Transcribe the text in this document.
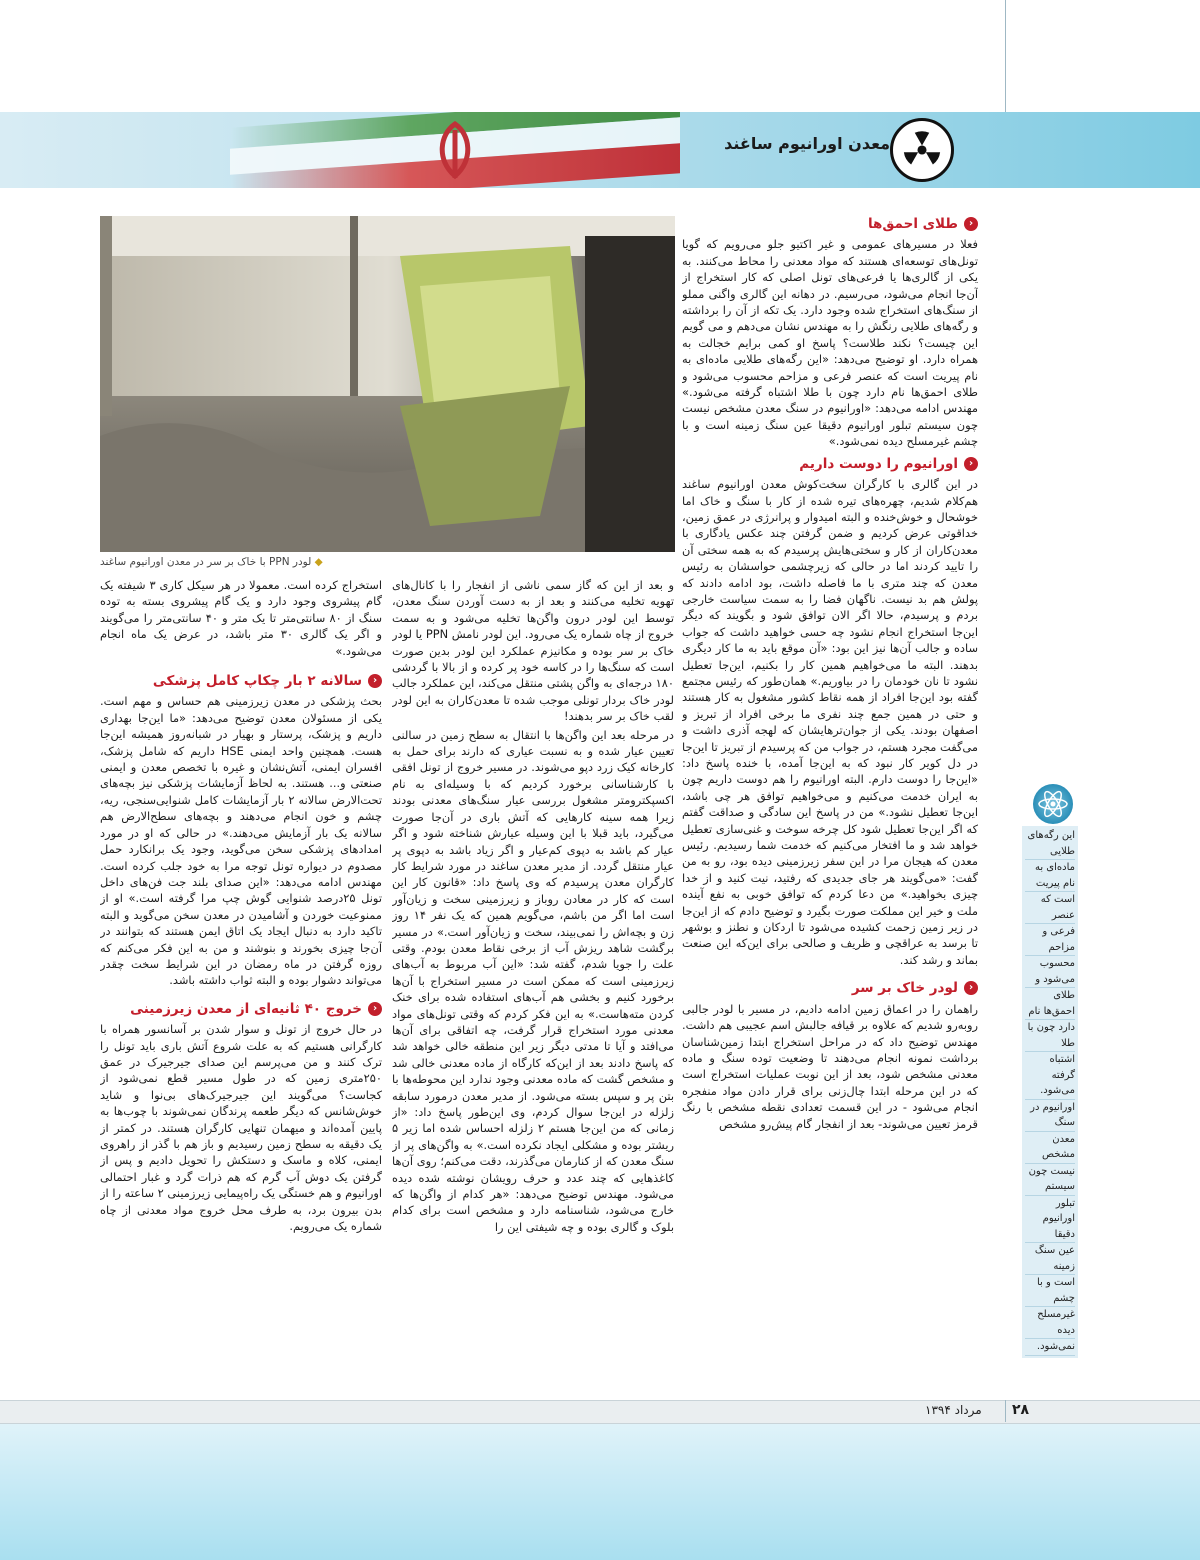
معدن اورانیوم ساغند
‹
طلای احمق‌ها

فعلا در مسیرهای عمومی و غیر اکتیو جلو می‌رویم که گویا تونل‌های توسعه‌ای هستند که مواد معدنی را محاط می‌کنند. به یکی از گالری‌ها یا فرعی‌های تونل اصلی که کار استخراج از آن‌جا انجام می‌شود، می‌رسیم. در دهانه این گالری واگنی مملو از سنگ‌های استخراج شده وجود دارد. یک تکه از آن را برداشته و رگه‌های طلایی رنگش را به مهندس نشان می‌دهم و می گویم این چیست؟ نکند طلاست؟ پاسخ او کمی برایم خجالت به همراه دارد. او توضیح می‌دهد: «این رگه‌های طلایی ماده‌ای به نام پیریت است که عنصر فرعی و مزاحم محسوب می‌شود و طلای احمق‌ها نام دارد چون با طلا اشتباه گرفته می‌شود.» مهندس ادامه می‌دهد: «اورانیوم در سنگ معدن مشخص نیست چون سیستم تبلور اورانیوم دقیقا عین سنگ زمینه است و با چشم غیرمسلح دیده نمی‌شود.»

‹
اورانیوم را دوست داریم

در این گالری با کارگران سخت‌کوش معدن اورانیوم ساغند هم‌کلام شدیم، چهره‌های تیره شده از کار با سنگ و خاک اما خوشحال و خوش‌خنده و البته امیدوار و پرانرژی در عمق زمین، خداقوتی عرض کردیم و ضمن گرفتن چند عکس یادگاری با معدن‌کاران از کار و سختی‌هایش پرسیدم که به همه سختی آن را تایید کردند اما در حالی که زیرچشمی حواسشان به رئیس معدن که چند متری با ما فاصله داشت، بود ادامه دادند که پولش هم بد نیست. ناگهان فضا را به سمت سیاست خارجی بردم و پرسیدم، حالا اگر الان توافق شود و بگویند که دیگر این‌جا استخراج انجام نشود چه حسی خواهید داشت که جواب ساده و جالب آن‌ها نیز این بود: «آن موقع باید به ما کار دیگری بدهند. البته ما می‌خواهیم همین کار را بکنیم، این‌جا تعطیل نشود تا نان خودمان را در بیاوریم.» همان‌طور که رئیس مجتمع گفته بود این‌جا افراد از همه نقاط کشور مشغول به کار هستند و حتی در همین جمع چند نفری ما برخی افراد از تبریز و اصفهان بودند. یکی از جوان‌ترهایشان که لهجه آذری داشت و می‌گفت مجرد هستم، در جواب من که پرسیدم از تبریز تا این‌جا در دل کویر کار نبود که به این‌جا آمده، با خنده پاسخ داد: «این‌جا را دوست دارم. البته اورانیوم را هم دوست داریم چون به ایران خدمت می‌کنیم و می‌خواهیم توافق هر چی باشد، این‌جا تعطیل نشود.» من در پاسخ این سادگی و صداقت گفتم که اگر این‌جا تعطیل شود کل چرخه سوخت و غنی‌سازی تعطیل خواهد شد و ما افتخار می‌کنیم که خدمت شما رسیدیم. رئیس معدن که هیجان مرا در این سفر زیرزمینی دیده بود، رو به من گفت: «می‌گویند هر جای جدیدی که رفتید، نیت کنید و از خدا چیزی بخواهید.» من دعا کردم که توافق خوبی به نفع آینده ملت و خیر این مملکت صورت بگیرد و توضیح دادم که از این‌جا در زیر زمین زحمت کشیده می‌شود تا اردکان و نطنز و بوشهر تا برسد به عراقچی و ظریف و صالحی برای این‌که این صنعت بماند و رشد کند.

‹
لودر خاک بر سر

راهمان را در اعماق زمین ادامه دادیم، در مسیر با لودر جالبی روبه‌رو شدیم که علاوه بر قیافه جالبش اسم عجیبی هم داشت. مهندس توضیح داد که در مراحل استخراج ابتدا زمین‌شناسان برداشت نمونه انجام می‌دهند تا وضعیت توده سنگ و ماده معدنی مشخص شود، بعد از این نوبت عملیات استخراج است که در این مرحله ابتدا چال‌زنی برای قرار دادن مواد منفجره انجام می‌شود - در این قسمت تعدادی نقطه مشخص با رنگ قرمز تعیین می‌شوند- بعد از انفجار گام پیش‌رو مشخص

◆ لودر PPN با خاک بر سر در معدن اورانیوم ساغند

و بعد از این که گاز سمی ناشی از انفجار را با کانال‌های تهویه تخلیه می‌کنند و بعد از به دست آوردن سنگ معدن، توسط این لودر درون واگن‌ها تخلیه می‌شود و به سمت خروج از چاه شماره یک می‌رود. این لودر نامش PPN یا لودر خاک بر سر بوده و مکانیزم عملکرد این لودر بدین صورت است که سنگ‌ها را در کاسه خود پر کرده و از بالا با گردشی ۱۸۰ درجه‌ای به واگن پشتی منتقل می‌کند، این عملکرد جالب لودر خاک بردار تونلی موجب شده تا معدن‌کاران به این لودر لقب خاک بر سر بدهند!

در مرحله بعد این واگن‌ها با انتقال به سطح زمین در سالنی تعیین عیار شده و به نسبت عیاری که دارند برای حمل به کارخانه کیک زرد دپو می‌شوند. در مسیر خروج از تونل افقی با کارشناسانی برخورد کردیم که با وسیله‌ای به نام اکسپکترومتر مشغول بررسی عیار سنگ‌های معدنی بودند زیرا همه سینه کارهایی که آتش باری در آن‌جا صورت می‌گیرد، باید قبلا با این وسیله عیارش شناخته شود و اگر عیار کم باشد به دپوی کم‌عیار و اگر زیاد باشد به دپوی پر عیار منتقل گردد. از مدیر معدن ساغند در مورد شرایط کار کارگران معدن پرسیدم که وی پاسخ داد: «قانون کار این است که کار در معادن روباز و زیرزمینی سخت و زیان‌آور است اما اگر من باشم، می‌گویم همین که یک نفر ۱۴ روز زن و بچه‌اش را نمی‌بیند، سخت و زیان‌آور است.» در مسیر برگشت شاهد ریزش آب از برخی نقاط معدن بودم. وقتی علت را جویا شدم، گفته شد: «این آب مربوط به آب‌های زیرزمینی است که ممکن است در مسیر استخراج با آن‌ها برخورد کنیم و بخشی هم آب‌های استفاده شده برای خنک کردن مته‌هاست.» به این فکر کردم که وقتی تونل‌های مواد معدنی مورد استخراج قرار گرفت، چه اتفاقی برای آن‌ها می‌افتد و آیا تا مدتی دیگر زیر این منطقه خالی خواهد شد که پاسخ دادند بعد از این‌که کارگاه از ماده معدنی خالی شد و مشخص گشت که ماده معدنی وجود ندارد این محوطه‌ها با بتن پر و سپس بسته می‌شود. از مدیر معدن درمورد سابقه زلزله در این‌جا سوال کردم، وی این‌طور پاسخ داد: «از زمانی که من این‌جا هستم ۲ زلزله احساس شده اما زیر ۵ ریشتر بوده و مشکلی ایجاد نکرده است.» به واگن‌های پر از سنگ معدن که از کنارمان می‌گذرند، دقت می‌کنم؛ روی آن‌ها کاغذهایی که چند عدد و حرف رویشان نوشته شده دیده می‌شود. مهندس توضیح می‌دهد: «هر کدام از واگن‌ها که خارج می‌شود، شناسنامه دارد و مشخص است برای کدام بلوک و گالری بوده و چه شیفتی این را

استخراج کرده است. معمولا در هر سیکل کاری ۳ شیفته یک گام پیشروی وجود دارد و یک گام پیشروی بسته به توده سنگ از ۸۰ سانتی‌متر تا یک متر و ۴۰ سانتی‌متر را می‌گویند و اگر یک گالری ۳۰ متر باشد، در عرض یک ماه انجام می‌شود.»

‹
سالانه ۲ بار چکاپ کامل پزشکی

بحث پزشکی در معدن زیرزمینی هم حساس و مهم است. یکی از مسئولان معدن توضیح می‌دهد: «ما این‌جا بهداری داریم و پزشک، پرستار و بهیار در شبانه‌روز همیشه این‌جا هست. همچنین واحد ایمنی HSE داریم که شامل پزشک، افسران ایمنی، آتش‌نشان و غیره با تخصص معدن و ایمنی صنعتی و... هستند. به لحاظ آزمایشات پزشکی نیز بچه‌های تحت‌الارض سالانه ۲ بار آزمایشات کامل شنوایی‌سنجی، ریه، چشم و خون انجام می‌دهند و بچه‌های سطح‌الارض هم سالانه یک بار آزمایش می‌دهند.» در حالی که او در مورد امدادهای پزشکی سخن می‌گوید، وجود یک برانکارد حمل مصدوم در دیواره تونل توجه مرا به خود جلب کرده است. مهندس ادامه می‌دهد: «این صدای بلند جت فن‌های داخل تونل ۲۵درصد شنوایی گوش چپ مرا گرفته است.» او از ممنوعیت خوردن و آشامیدن در معدن سخن می‌گوید و البته تاکید دارد به دنبال ایجاد یک اتاق ایمن هستند که بتوانند در آن‌جا چیزی بخورند و بنوشند و من به این فکر می‌کنم که روزه گرفتن در ماه رمضان در این شرایط سخت چقدر می‌تواند دشوار بوده و البته ثواب داشته باشد.

‹
خروج ۴۰ ثانیه‌ای از معدن زیرزمینی

در حال خروج از تونل و سوار شدن بر آسانسور همراه با کارگرانی هستیم که به علت شروع آتش باری باید تونل را ترک کنند و من می‌پرسم این صدای جیرجیرک در عمق ۲۵۰متری زمین که در طول مسیر قطع نمی‌شود از کجاست؟ می‌گویند این جیرجیرک‌های بی‌نوا و شاید خوش‌شانس که دیگر طعمه پرندگان نمی‌شوند با چوب‌ها به پایین آمده‌اند و میهمان تنهایی کارگران هستند. در کمتر از یک دقیقه به سطح زمین رسیدیم و باز هم با گذر از راهروی ایمنی، کلاه و ماسک و دستکش را تحویل دادیم و پس از گرفتن یک دوش آب گرم که هم ذرات گرد و غبار احتمالی اورانیوم و هم خستگی یک راه‌پیمایی زیرزمینی ۲ ساعته را از بدن بیرون برد، به طرف محل خروج مواد معدنی از چاه شماره یک می‌رویم.

این رگه‌های طلایی
ماده‌ای به نام پیریت
است که عنصر
فرعی و مزاحم
محسوب می‌شود و
طلای احمق‌ها نام
دارد چون با طلا
اشتباه گرفته می‌شود.
اورانیوم در سنگ
معدن مشخص
نیست چون سیستم
تبلور اورانیوم دقیقا
عین سنگ زمینه
است و با چشم
غیرمسلح دیده
نمی‌شود.
۲۸
مرداد ۱۳۹۴
